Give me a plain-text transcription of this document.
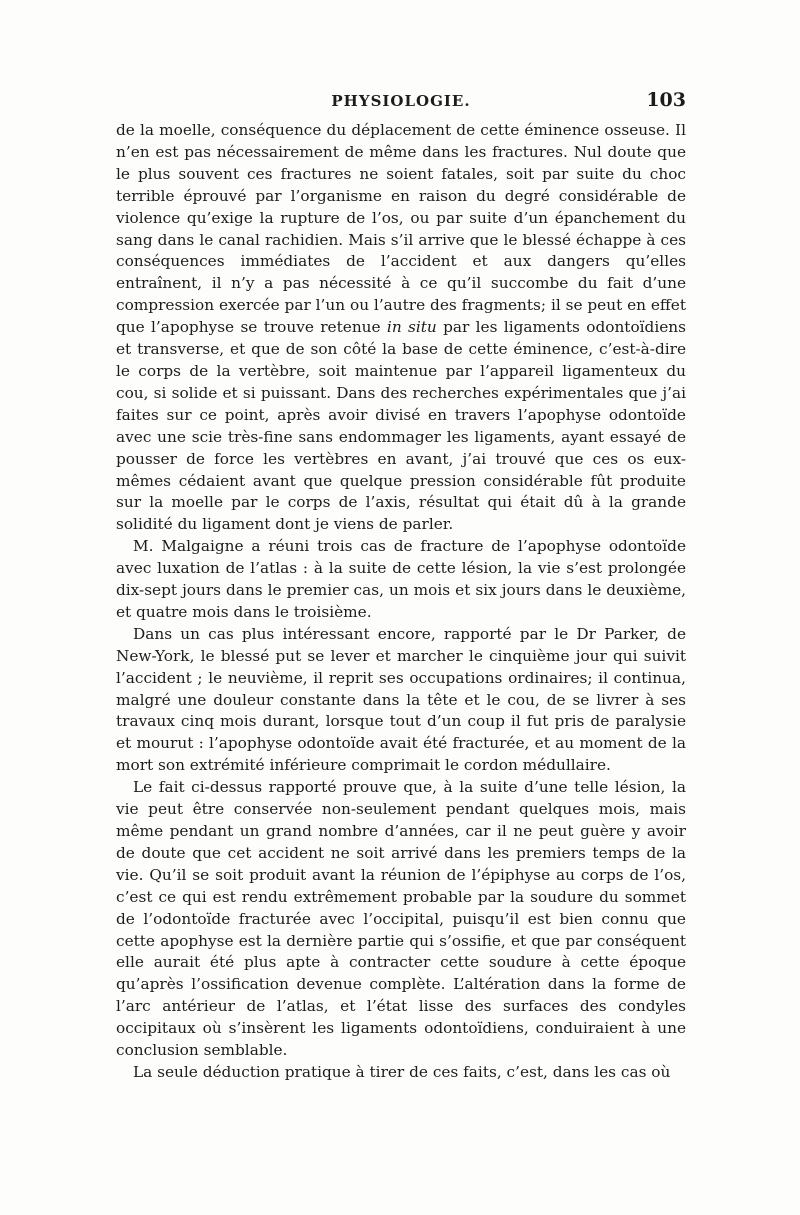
PHYSIOLOGIE.	103

de la moelle, conséquence du déplacement de cette éminence osseuse. Il n’en est pas nécessairement de même dans les fractures. Nul doute que le plus souvent ces fractures ne soient fatales, soit par suite du choc terrible éprouvé par l’organisme en raison du degré considérable de violence qu’exige la rupture de l’os, ou par suite d’un épanchement du sang dans le canal rachidien. Mais s’il arrive que le blessé échappe à ces conséquences immédiates de l’accident et aux dangers qu’elles entraînent, il n’y a pas nécessité à ce qu’il succombe du fait d’une compression exercée par l’un ou l’autre des fragments; il se peut en effet que l’apophyse se trouve retenue in situ par les ligaments odontoïdiens et transverse, et que de son côté la base de cette éminence, c’est-à-dire le corps de la vertèbre, soit maintenue par l’appareil ligamenteux du cou, si solide et si puissant. Dans des recherches expérimentales que j’ai faites sur ce point, après avoir divisé en travers l’apophyse odontoïde avec une scie très-fine sans endommager les ligaments, ayant essayé de pousser de force les vertèbres en avant, j’ai trouvé que ces os eux-mêmes cédaient avant que quelque pression considérable fût produite sur la moelle par le corps de l’axis, résultat qui était dû à la grande solidité du ligament dont je viens de parler.

M. Malgaigne a réuni trois cas de fracture de l’apophyse odontoïde avec luxation de l’atlas : à la suite de cette lésion, la vie s’est prolongée dix-sept jours dans le premier cas, un mois et six jours dans le deuxième, et quatre mois dans le troisième.

Dans un cas plus intéressant encore, rapporté par le Dr Parker, de New-York, le blessé put se lever et marcher le cinquième jour qui suivit l’accident ; le neuvième, il reprit ses occupations ordinaires; il continua, malgré une douleur constante dans la tête et le cou, de se livrer à ses travaux cinq mois durant, lorsque tout d’un coup il fut pris de paralysie et mourut : l’apophyse odontoïde avait été fracturée, et au moment de la mort son extrémité inférieure comprimait le cordon médullaire.

Le fait ci-dessus rapporté prouve que, à la suite d’une telle lésion, la vie peut être conservée non-seulement pendant quelques mois, mais même pendant un grand nombre d’années, car il ne peut guère y avoir de doute que cet accident ne soit arrivé dans les premiers temps de la vie. Qu’il se soit produit avant la réunion de l’épiphyse au corps de l’os, c’est ce qui est rendu extrêmement probable par la soudure du sommet de l’odontoïde fracturée avec l’occipital, puisqu’il est bien connu que cette apophyse est la dernière partie qui s’ossifie, et que par conséquent elle aurait été plus apte à contracter cette soudure à cette époque qu’après l’ossification devenue complète. L’altération dans la forme de l’arc antérieur de l’atlas, et l’état lisse des surfaces des condyles occipitaux où s’insèrent les ligaments odontoïdiens, conduiraient à une conclusion semblable.

La seule déduction pratique à tirer de ces faits, c’est, dans les cas où
